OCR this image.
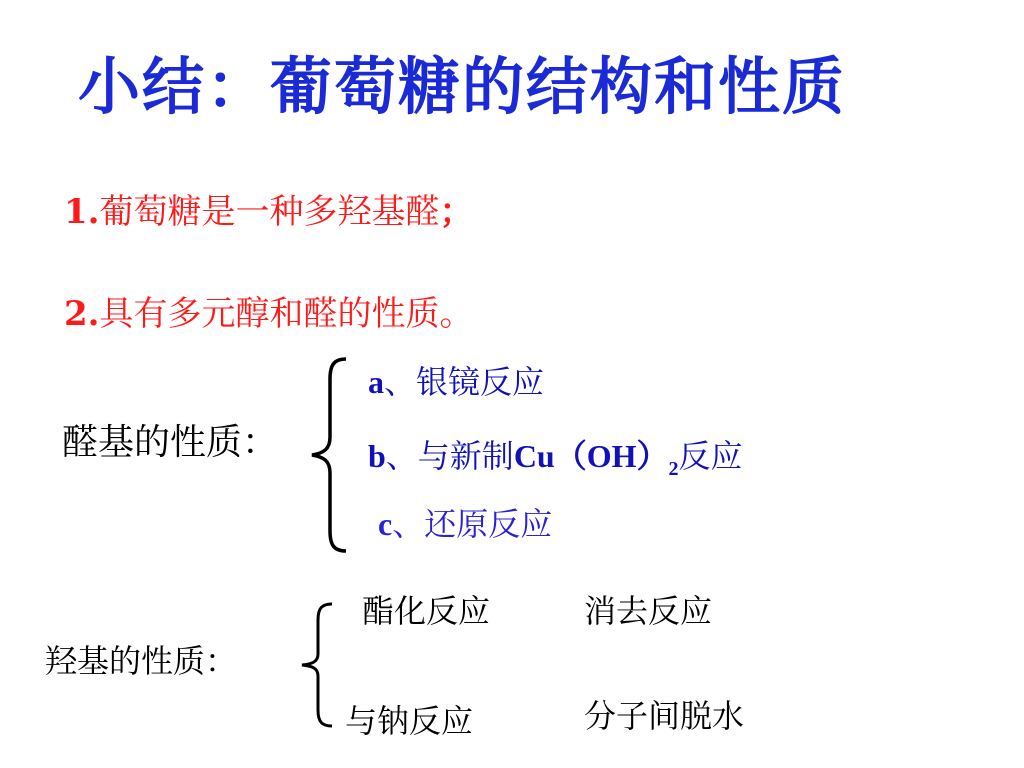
小结：葡萄糖的结构和性质
1.葡萄糖是一种多羟基醛；
2.具有多元醇和醛的性质。
醛基的性质：
a、银镜反应
b、与新制$Cu(OH)_2$反应
c、还原反应
羟基的性质：
酯化反应	消去反应
与钠反应	分子间脱水
